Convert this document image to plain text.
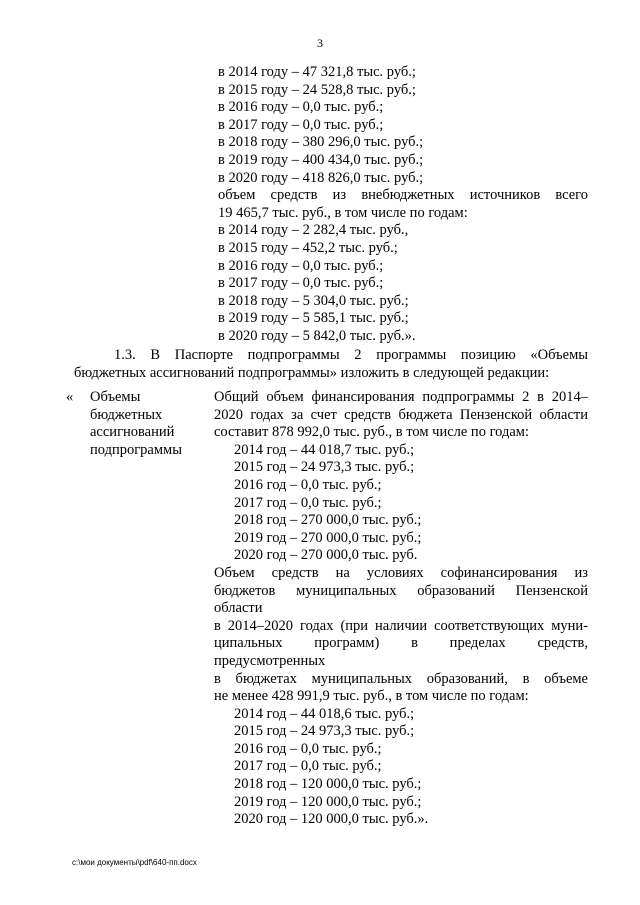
3
в 2014 году – 47 321,8 тыс. руб.;
в 2015 году – 24 528,8 тыс. руб.;
в 2016 году – 0,0 тыс. руб.;
в 2017 году – 0,0 тыс. руб.;
в 2018 году – 380 296,0 тыс. руб.;
в 2019 году – 400 434,0 тыс. руб.;
в 2020 году – 418 826,0 тыс. руб.;
объем средств из внебюджетных источников всего
19 465,7 тыс. руб., в том числе по годам:
в 2014 году – 2 282,4 тыс. руб.,
в 2015 году – 452,2 тыс. руб.;
в 2016 году – 0,0 тыс. руб.;
в 2017 году – 0,0 тыс. руб.;
в 2018 году – 5 304,0 тыс. руб.;
в 2019 году – 5 585,1 тыс. руб.;
в 2020 году – 5 842,0 тыс. руб.».
1.3. В Паспорте подпрограммы 2 программы позицию «Объемы
бюджетных ассигнований подпрограммы» изложить в следующей редакции:
« Объемы
бюджетных
ассигнований
подпрограммы
Общий объем финансирования подпрограммы 2 в 2014–
2020 годах за счет средств бюджета Пензенской области
составит 878 992,0 тыс. руб., в том числе по годам:
2014 год – 44 018,7 тыс. руб.;
2015 год – 24 973,3 тыс. руб.;
2016 год – 0,0 тыс. руб.;
2017 год – 0,0 тыс. руб.;
2018 год – 270 000,0 тыс. руб.;
2019 год – 270 000,0 тыс. руб.;
2020 год – 270 000,0 тыс. руб.
Объем средств на условиях софинансирования из
бюджетов муниципальных образований Пензенской области
в 2014–2020 годах (при наличии соответствующих муни-
ципальных программ) в пределах средств, предусмотренных
в бюджетах муниципальных образований, в объеме
не менее 428 991,9 тыс. руб., в том числе по годам:
2014 год – 44 018,6 тыс. руб.;
2015 год – 24 973,3 тыс. руб.;
2016 год – 0,0 тыс. руб.;
2017 год – 0,0 тыс. руб.;
2018 год – 120 000,0 тыс. руб.;
2019 год – 120 000,0 тыс. руб.;
2020 год – 120 000,0 тыс. руб.».
c:\мои документы\pdf\640-пп.docx
